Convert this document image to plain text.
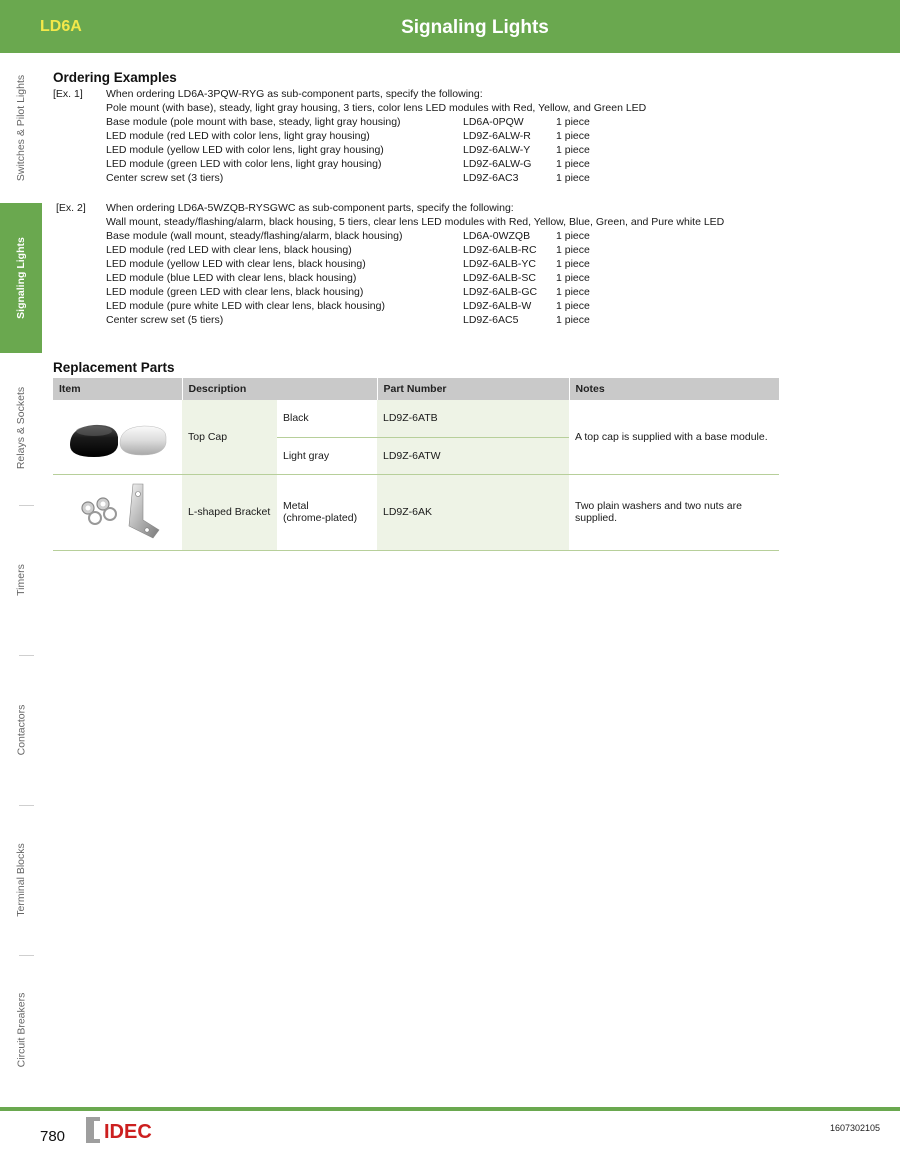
LD6A	Signaling Lights
Switches & Pilot Lights
Signaling Lights
Relays & Sockets
Timers
Contactors
Terminal Blocks
Circuit Breakers
Ordering Examples
[Ex. 1] When ordering LD6A-3PQW-RYG as sub-component parts, specify the following:
Pole mount (with base), steady, light gray housing, 3 tiers, color lens LED modules with Red, Yellow, and Green LED
Base module (pole mount with base, steady, light gray housing)	LD6A-0PQW	1 piece
LED module (red LED with color lens, light gray housing)	LD9Z-6ALW-R 1 piece
LED module (yellow LED with color lens, light gray housing)	LD9Z-6ALW-Y 1 piece
LED module (green LED with color lens, light gray housing)	LD9Z-6ALW-G 1 piece
Center screw set (3 tiers)	LD9Z-6AC3	1 piece
[Ex. 2] When ordering LD6A-5WZQB-RYSGWC as sub-component parts, specify the following:
Wall mount, steady/flashing/alarm, black housing, 5 tiers, clear lens LED modules with Red, Yellow, Blue, Green, and Pure white LED
Base module (wall mount, steady/flashing/alarm, black housing)	LD6A-0WZQB 1 piece
LED module (red LED with clear lens, black housing)	LD9Z-6ALB-RC 1 piece
LED module (yellow LED with clear lens, black housing)	LD9Z-6ALB-YC 1 piece
LED module (blue LED with clear lens, black housing)	LD9Z-6ALB-SC 1 piece
LED module (green LED with clear lens, black housing)	LD9Z-6ALB-GC 1 piece
LED module (pure white LED with clear lens, black housing)	LD9Z-6ALB-W 1 piece
Center screw set (5 tiers)	LD9Z-6AC5	1 piece
Replacement Parts
Item	Description		Part Number	Notes
	Top Cap	Black	LD9Z-6ATB	A top cap is supplied with a base module.
		Light gray	LD9Z-6ATW	
	L-shaped Bracket	Metal
(chrome-plated)	LD9Z-6AK	Two plain washers and two nuts are supplied.
780 IDEC	1607302105
